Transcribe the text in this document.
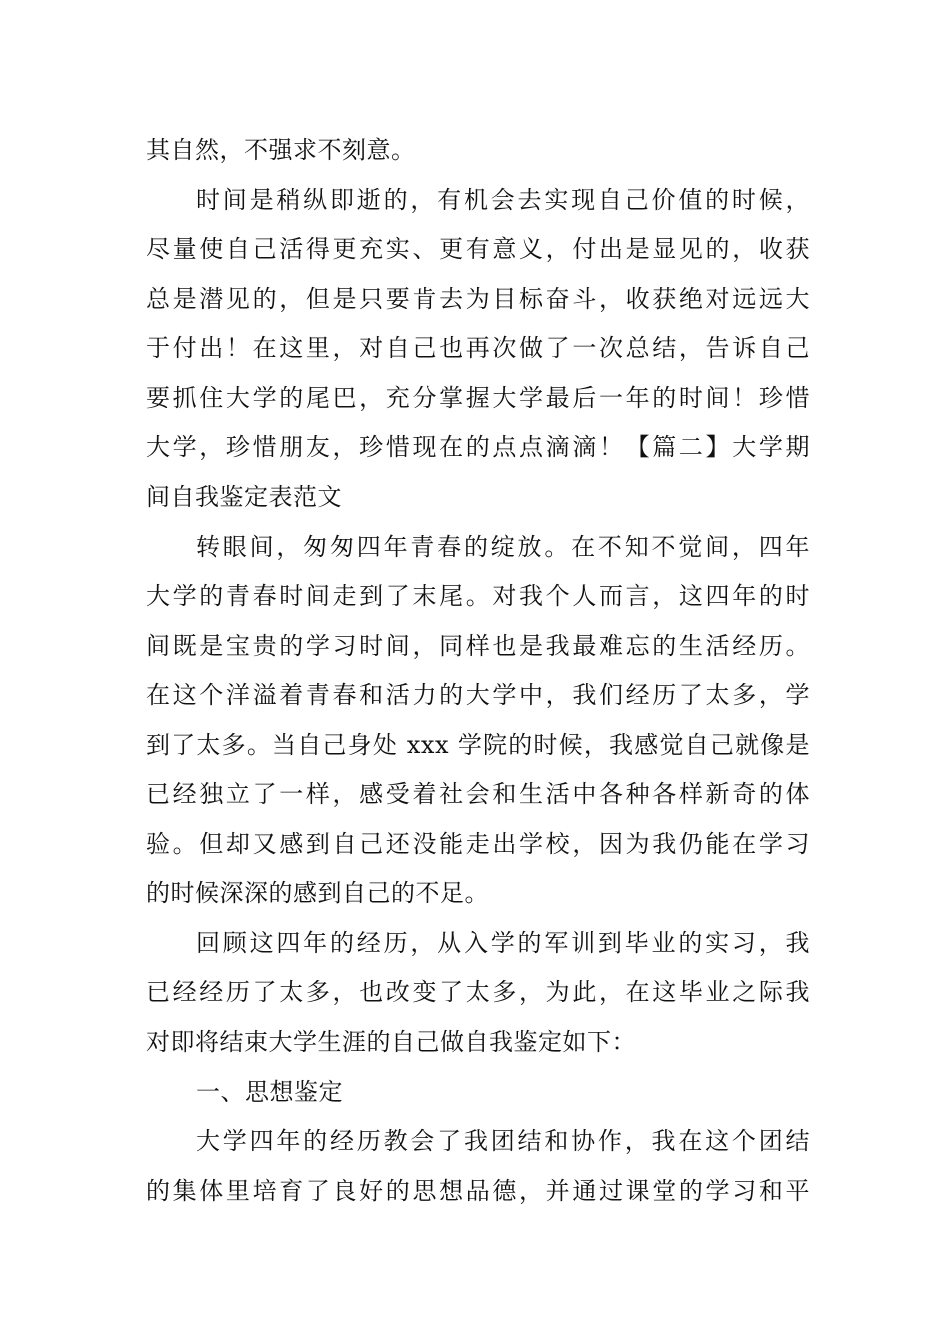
其自然，不强求不刻意。

时间是稍纵即逝的，有机会去实现自己价值的时候，

尽量使自己活得更充实、更有意义，付出是显见的，收获

总是潜见的，但是只要肯去为目标奋斗，收获绝对远远大

于付出！在这里，对自己也再次做了一次总结，告诉自己

要抓住大学的尾巴，充分掌握大学最后一年的时间！珍惜

大学，珍惜朋友，珍惜现在的点点滴滴！【篇二】大学期

间自我鉴定表范文

转眼间，匆匆四年青春的绽放。在不知不觉间，四年

大学的青春时间走到了末尾。对我个人而言，这四年的时

间既是宝贵的学习时间，同样也是我最难忘的生活经历。

在这个洋溢着青春和活力的大学中，我们经历了太多，学

到了太多。当自己身处 xxx 学院的时候，我感觉自己就像是

已经独立了一样，感受着社会和生活中各种各样新奇的体

验。但却又感到自己还没能走出学校，因为我仍能在学习

的时候深深的感到自己的不足。

回顾这四年的经历，从入学的军训到毕业的实习，我

已经经历了太多，也改变了太多，为此，在这毕业之际我

对即将结束大学生涯的自己做自我鉴定如下：

一、思想鉴定

大学四年的经历教会了我团结和协作，我在这个团结

的集体里培育了良好的思想品德，并通过课堂的学习和平
